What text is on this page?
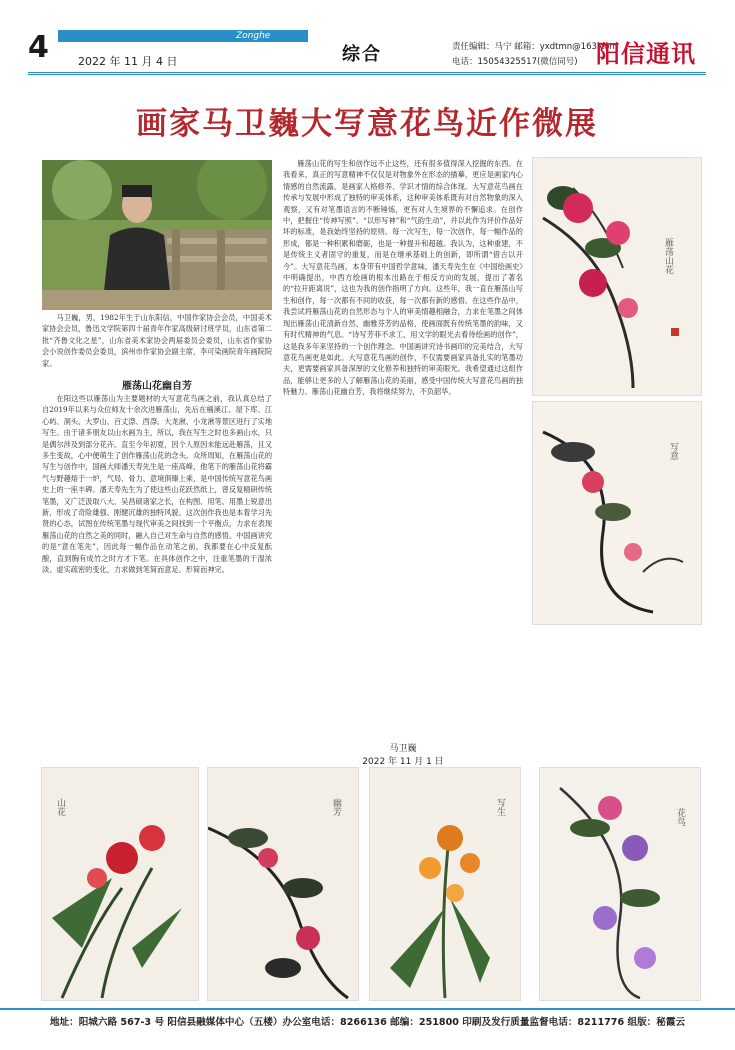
4	Zonghe
2022 年 11 月 4 日	综合	责任编辑：马宁 邮箱：yxdtmn@163.com
电话：15054325517(微信同号) 阳信通讯
画家马卫巍大写意花鸟近作微展

马卫巍，男，1982年生于山东阳信，中国作家协会会员，中国美术家协会会员，鲁迅文学院第四十届青年作家高级研讨班学员，山东省第二批“齐鲁文化之星”，山东省美术家协会两届委员会委员，山东省作家协会小说创作委员会委员，滨州市作家协会副主席，李可染画院青年画院院家。

雁荡山花幽自芳

在阳这些以雁荡山为主要题材的大写意花鸟画之前，我认真总结了自2019年以来与众位师友十余次进雁荡山，先后在楠溪江、屋下库、江心屿、洞头、大罗山、百丈漈、西漈、大龙湫、小龙湫等景区进行了实地写生。由于诸多朋友以山水画为主，所以，我在写生之时也多画山水，只是偶尔涉及到部分花卉。直至今年初夏，因个人原因未能远赴雁荡，且又多生变故，心中便萌生了创作雁荡山花的念头。众所周知，在雁荡山花的写生与创作中，国画大师潘天寿先生是一座高峰，他笔下的雁荡山花将霸气与野趣熔于一炉，气局、骨力、意境俱臻上乘，是中国传统写意花鸟画史上的一座丰碑。潘天寿先生为了使这些山花跃然纸上，曾反复精研传统笔墨，又广泛汲取八大、吴昌硕诸家之长，在构图、用笔、用墨上锐意出新，形成了奇险雄强、刚健沉雄的独特风貌。这次创作我也是本着学习先贤的心态，试图在传统笔墨与现代审美之间找到一个平衡点，力求在表现雁荡山花的自然之美的同时，融入自己对生命与自然的感悟。中国画讲究的是“意在笔先”，因此每一幅作品在动笔之前，我都要在心中反复酝酿，直到胸有成竹之时方才下笔。在具体创作之中，注重笔墨的干湿浓淡、虚实疏密的变化，力求做到笔简而意足、形简而神完。

雁荡山花的写生和创作远不止这些，还有很多值得深入挖掘的东西。在我看来，真正的写意精神不仅仅是对物象外在形态的描摹，更应是画家内心情感的自然流露，是画家人格修养、学识才情的综合体现。大写意花鸟画在传承与发展中形成了独特的审美体系，这种审美体系既有对自然物象的深入观察，又有对笔墨语言的不断锤炼，更有对人生境界的不懈追求。在创作中，把握住“传神写照”、“以形写神”和“气韵生动”，并以此作为评价作品好坏的标准，是我始终坚持的原则。每一次写生，每一次创作，每一幅作品的形成，都是一种积累和磨砺，也是一种提升和超越。我认为，这种重建，不是传统主义者固守的重复，而是在继承基础上的创新，即所谓“借古以开今”。大写意花鸟画，本身带有中国哲学意味，潘天寿先生在《中国绘画史》中明确提出，中西方绘画的根本出路在于相反方向的发展，提出了著名的“拉开距离说”，这也为我的创作指明了方向。这些年，我一直在雁荡山写生和创作，每一次都有不同的收获，每一次都有新的感悟。在这些作品中，我尝试将雁荡山花的自然形态与个人的审美情趣相融合，力求在笔墨之间体现出雁荡山花清新自然、幽雅芬芳的品格，使画面既有传统笔墨的韵味，又有时代精神的气息。“诗写芳菲不求工，用文学的眼光去看待绘画的创作”，这是我多年来坚持的一个创作理念。中国画讲究诗书画印的完美结合，大写意花鸟画更是如此。大写意花鸟画的创作，不仅需要画家具备扎实的笔墨功夫，更需要画家具备深厚的文化修养和独特的审美眼光。我希望通过这组作品，能够让更多的人了解雁荡山花的美丽，感受中国传统大写意花鸟画的独特魅力。雁荡山花幽自芳，我将继续努力，不负韶华。

马卫巍
2022 年 11 月 1 日
雁荡山花
写意
山花	幽芳	写生
花鸟
地址：阳城六路 567-3 号 阳信县融媒体中心（五楼）办公室电话：8266136 邮编：251800 印刷及发行质量监督电话：8211776 组版：秘霞云
